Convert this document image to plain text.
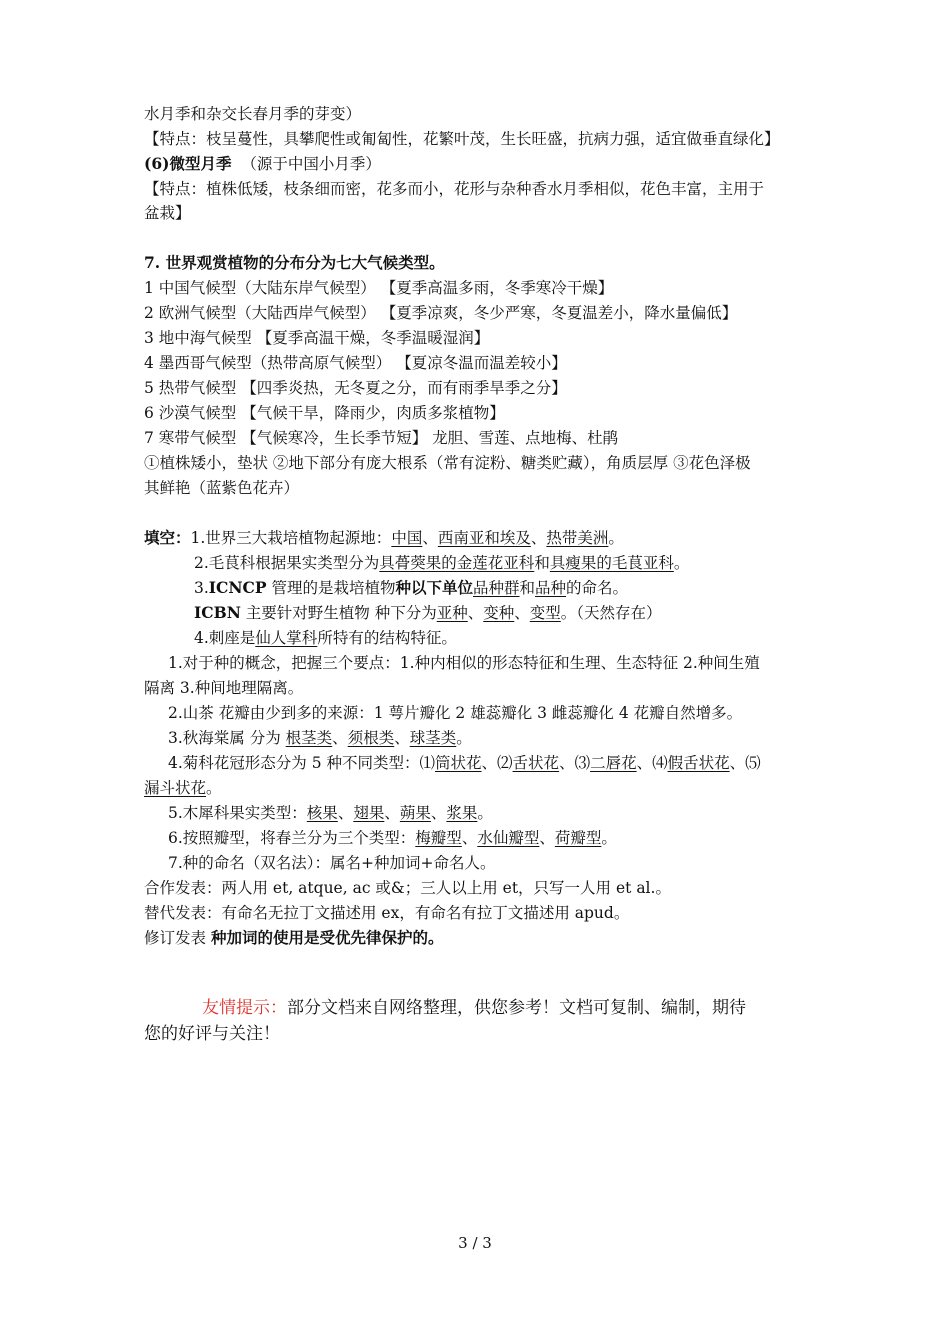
水月季和杂交长春月季的芽变）
【特点：枝呈蔓性，具攀爬性或匍匐性，花繁叶茂，生长旺盛，抗病力强，适宜做垂直绿化】
(6)微型月季 （源于中国小月季）
【特点：植株低矮，枝条细而密，花多而小，花形与杂种香水月季相似，花色丰富，主用于
盆栽】
7. 世界观赏植物的分布分为七大气候类型。
1 中国气候型（大陆东岸气候型） 【夏季高温多雨，冬季寒冷干燥】
2 欧洲气候型（大陆西岸气候型） 【夏季凉爽，冬少严寒，冬夏温差小，降水量偏低】
3 地中海气候型 【夏季高温干燥，冬季温暖湿润】
4 墨西哥气候型（热带高原气候型） 【夏凉冬温而温差较小】
5 热带气候型 【四季炎热，无冬夏之分，而有雨季旱季之分】
6 沙漠气候型 【气候干旱，降雨少，肉质多浆植物】
7 寒带气候型 【气候寒冷，生长季节短】 龙胆、雪莲、点地梅、杜鹃
①植株矮小，垫状 ②地下部分有庞大根系（常有淀粉、糖类贮藏），角质层厚 ③花色泽极
其鲜艳（蓝紫色花卉）
填空：1.世界三大栽培植物起源地：中国、西南亚和埃及、热带美洲。
2.毛茛科根据果实类型分为具蓇葖果的金莲花亚科和具瘦果的毛茛亚科。
3.ICNCP 管理的是栽培植物种以下单位品种群和品种的命名。
ICBN 主要针对野生植物 种下分为亚种、变种、变型。（天然存在）
4.刺座是仙人掌科所特有的结构特征。
1.对于种的概念，把握三个要点：1.种内相似的形态特征和生理、生态特征 2.种间生殖
隔离 3.种间地理隔离。
2.山茶 花瓣由少到多的来源：1 萼片瓣化 2 雄蕊瓣化 3 雌蕊瓣化 4 花瓣自然增多。
3.秋海棠属 分为 根茎类、须根类、球茎类。
4.菊科花冠形态分为 5 种不同类型：⑴筒状花、⑵舌状花、⑶二唇花、⑷假舌状花、⑸
漏斗状花。
5.木犀科果实类型：核果、翅果、蒴果、浆果。
6.按照瓣型，将春兰分为三个类型：梅瓣型、水仙瓣型、荷瓣型。
7.种的命名（双名法）：属名+种加词+命名人。
合作发表：两人用 et, atque, ac 或&；三人以上用 et，只写一人用 et al.。
替代发表：有命名无拉丁文描述用 ex，有命名有拉丁文描述用 apud。
修订发表 种加词的使用是受优先律保护的。
友情提示：部分文档来自网络整理，供您参考！文档可复制、编制，期待
您的好评与关注！
3 / 3
